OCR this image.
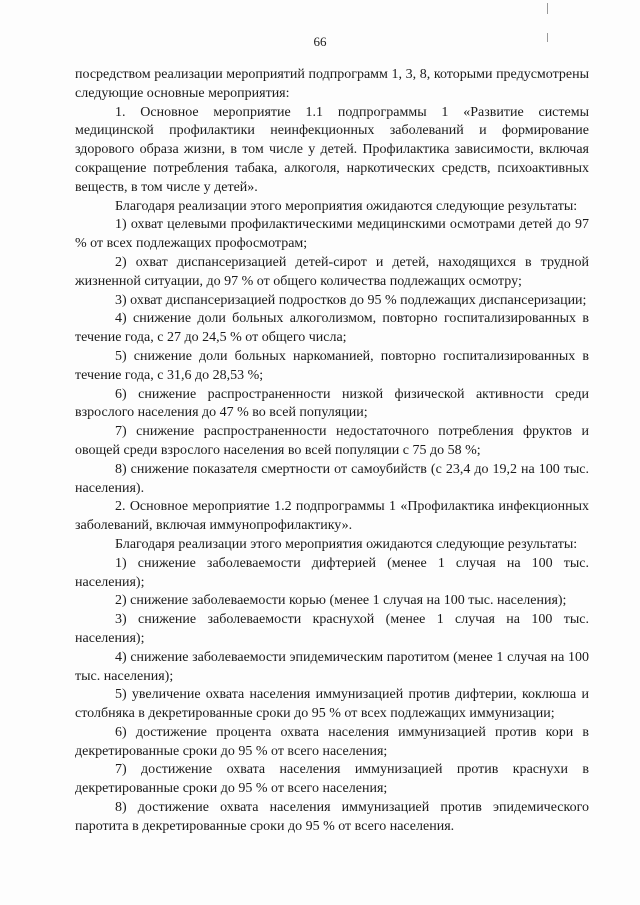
66

посредством реализации мероприятий подпрограмм 1, 3, 8, которыми предусмотрены следующие основные мероприятия:

1. Основное мероприятие 1.1 подпрограммы 1 «Развитие системы медицинской профилактики неинфекционных заболеваний и формирование здорового образа жизни, в том числе у детей. Профилактика зависимости, включая сокращение потребления табака, алкоголя, наркотических средств, психоактивных веществ, в том числе у детей».

Благодаря реализации этого мероприятия ожидаются следующие результаты:

1) охват целевыми профилактическими медицинскими осмотрами детей до 97 % от всех подлежащих профосмотрам;

2) охват диспансеризацией детей-сирот и детей, находящихся в трудной жизненной ситуации, до 97 % от общего количества подлежащих осмотру;

3) охват диспансеризацией подростков до 95 % подлежащих диспансеризации;

4) снижение доли больных алкоголизмом, повторно госпитализированных в течение года, с 27 до 24,5 % от общего числа;

5) снижение доли больных наркоманией, повторно госпитализированных в течение года, с 31,6 до 28,53 %;

6) снижение распространенности низкой физической активности среди взрослого населения до 47 % во всей популяции;

7) снижение распространенности недостаточного потребления фруктов и овощей среди взрослого населения во всей популяции с 75 до 58 %;

8) снижение показателя смертности от самоубийств (с 23,4 до 19,2 на 100 тыс. населения).

2. Основное мероприятие 1.2 подпрограммы 1 «Профилактика инфекционных заболеваний, включая иммунопрофилактику».

Благодаря реализации этого мероприятия ожидаются следующие результаты:

1) снижение заболеваемости дифтерией (менее 1 случая на 100 тыс. населения);

2) снижение заболеваемости корью (менее 1 случая на 100 тыс. населения);

3) снижение заболеваемости краснухой (менее 1 случая на 100 тыс. населения);

4) снижение заболеваемости эпидемическим паротитом (менее 1 случая на 100 тыс. населения);

5) увеличение охвата населения иммунизацией против дифтерии, коклюша и столбняка в декретированные сроки до 95 % от всех подлежащих иммунизации;

6) достижение процента охвата населения иммунизацией против кори в декретированные сроки до 95 % от всего населения;

7) достижение охвата населения иммунизацией против краснухи в декретированные сроки до 95 % от всего населения;

8) достижение охвата населения иммунизацией против эпидемического паротита в декретированные сроки до 95 % от всего населения.
